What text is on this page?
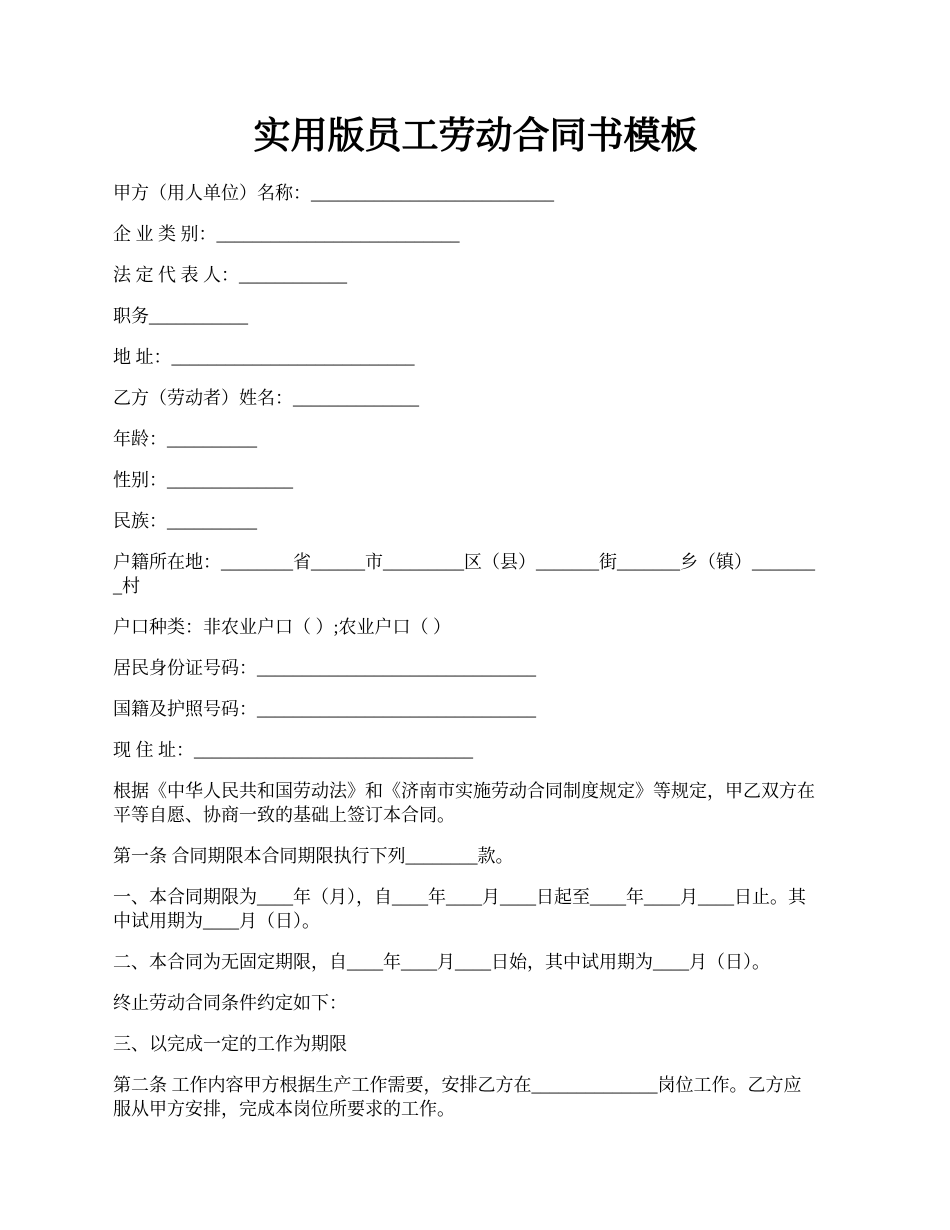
实用版员工劳动合同书模板

甲方（用人单位）名称：___________________________

企 业 类 别：___________________________

法 定 代 表 人：____________

职务___________

地 址：___________________________

乙方（劳动者）姓名：______________

年龄：__________

性别：______________

民族：__________

户籍所在地：________省______市_________区（县）_______街_______乡（镇）_______
_村

户口种类：非农业户口（ ）;农业户口（ ）

居民身份证号码：_______________________________

国籍及护照号码：_______________________________

现 住 址：_______________________________

根据《中华人民共和国劳动法》和《济南市实施劳动合同制度规定》等规定，甲乙双方在
平等自愿、协商一致的基础上签订本合同。

第一条 合同期限本合同期限执行下列________款。

一、本合同期限为____年（月），自____年____月____日起至____年____月____日止。其
中试用期为____月（日）。

二、本合同为无固定期限，自____年____月____日始，其中试用期为____月（日）。

终止劳动合同条件约定如下：

三、以完成一定的工作为期限

第二条 工作内容甲方根据生产工作需要，安排乙方在______________岗位工作。乙方应
服从甲方安排，完成本岗位所要求的工作。
